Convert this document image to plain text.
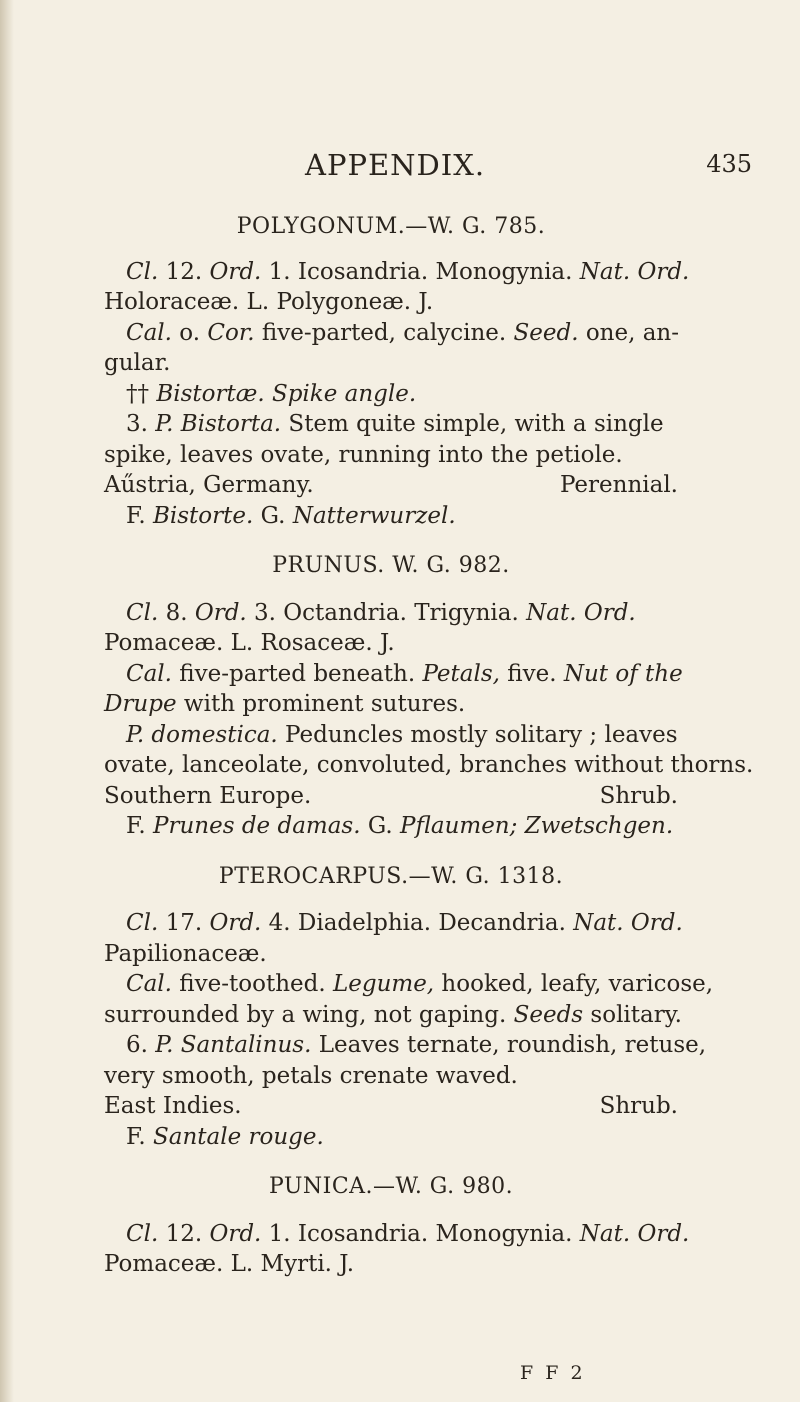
APPENDIX.	435

POLYGONUM.—W. G. 785.

Cl. 12. Ord. 1. Icosandria. Monogynia. Nat. Ord.

Holoraceæ. L. Polygoneæ. J.

Cal. o. Cor. five-parted, calycine. Seed. one, an-

gular.

†† Bistortæ. Spike angle.

3. P. Bistorta. Stem quite simple, with a single

spike, leaves ovate, running into the petiole.

Aűstria, Germany.	Perennial.

F. Bistorte. G. Natterwurzel.

PRUNUS. W. G. 982.

Cl. 8. Ord. 3. Octandria. Trigynia. Nat. Ord.

Pomaceæ. L. Rosaceæ. J.

Cal. five-parted beneath. Petals, five. Nut of the

Drupe with prominent sutures.

P. domestica. Peduncles mostly solitary ; leaves

ovate, lanceolate, convoluted, branches without thorns.

Southern Europe.	Shrub.

F. Prunes de damas. G. Pflaumen; Zwetschgen.

PTEROCARPUS.—W. G. 1318.

Cl. 17. Ord. 4. Diadelphia. Decandria. Nat. Ord.

Papilionaceæ.

Cal. five-toothed. Legume, hooked, leafy, varicose,

surrounded by a wing, not gaping. Seeds solitary.

6. P. Santalinus. Leaves ternate, roundish, retuse,

very smooth, petals crenate waved.

East Indies.	Shrub.

F. Santale rouge.

PUNICA.—W. G. 980.

Cl. 12. Ord. 1. Icosandria. Monogynia. Nat. Ord.

Pomaceæ. L. Myrti. J.

F F 2
